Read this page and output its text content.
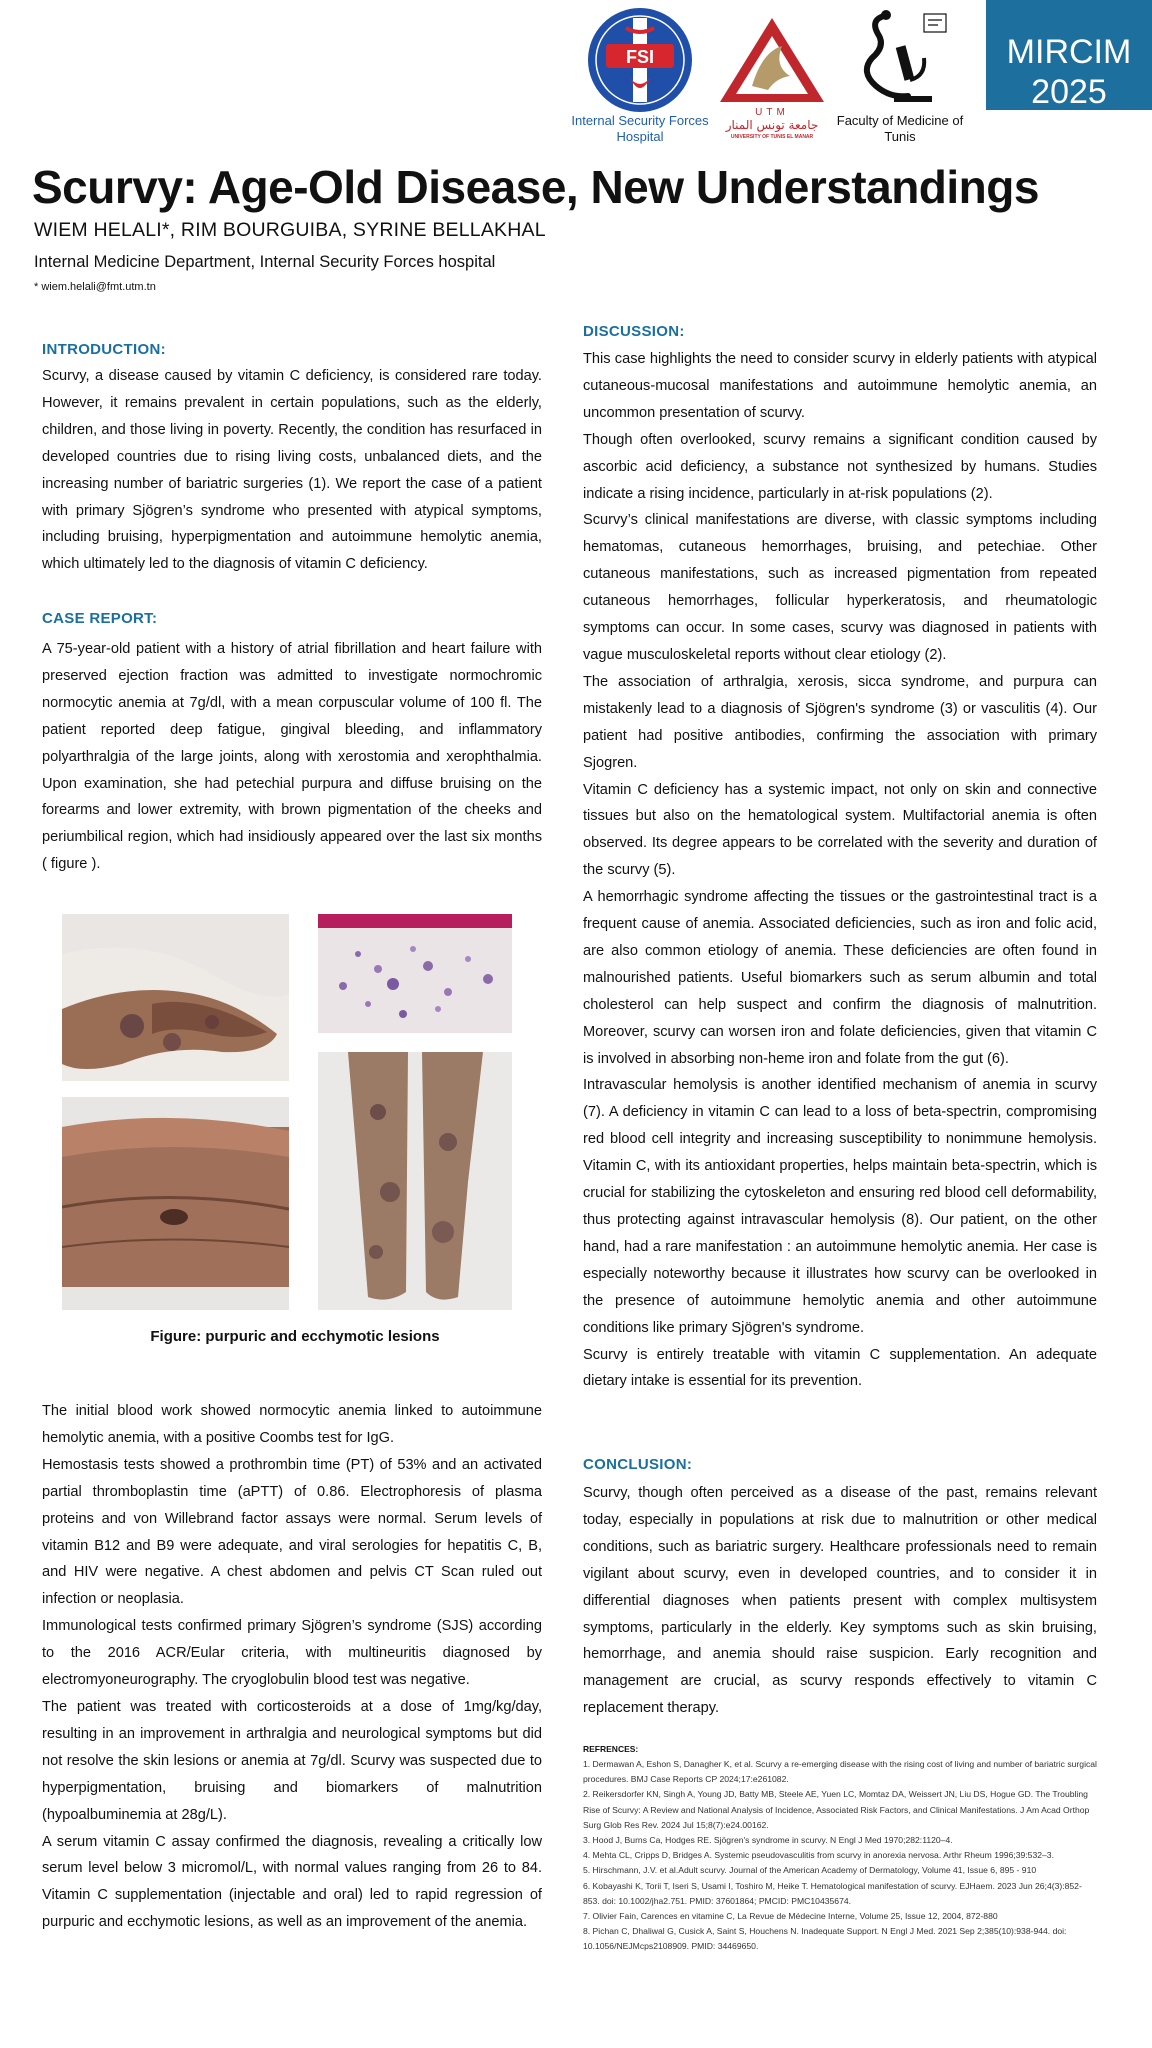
FSI
Internal Security Forces Hospital
UTM
جامعة تونس المنار
UNIVERSITY OF TUNIS EL MANAR
Faculty of Medicine of Tunis
MIRCIM
2025
Scurvy: Age-Old Disease, New Understandings
WIEM HELALI*, RIM BOURGUIBA, SYRINE BELLAKHAL
Internal Medicine Department, Internal Security Forces hospital
* wiem.helali@fmt.utm.tn
INTRODUCTION:

Scurvy, a disease caused by vitamin C deficiency, is considered rare today. However, it remains prevalent in certain populations, such as the elderly, children, and those living in poverty. Recently, the condition has resurfaced in developed countries due to rising living costs, unbalanced diets, and the increasing number of bariatric surgeries (1). We report the case of a patient with primary Sjögren’s syndrome who presented with atypical symptoms, including bruising, hyperpigmentation and autoimmune hemolytic anemia, which ultimately led to the diagnosis of vitamin C deficiency.

CASE REPORT:

A 75-year-old patient with a history of atrial fibrillation and heart failure with preserved ejection fraction was admitted to investigate normochromic normocytic anemia at 7g/dl, with a mean corpuscular volume of 100 fl. The patient reported deep fatigue, gingival bleeding, and inflammatory polyarthralgia of the large joints, along with xerostomia and xerophthalmia. Upon examination, she had petechial purpura and diffuse bruising on the forearms and lower extremity, with brown pigmentation of the cheeks and periumbilical region, which had insidiously appeared over the last six months ( figure ).

Figure: purpuric and ecchymotic lesions

The initial blood work showed normocytic anemia linked to autoimmune hemolytic anemia, with a positive Coombs test for IgG.

Hemostasis tests showed a prothrombin time (PT) of 53% and an activated partial thromboplastin time (aPTT) of 0.86. Electrophoresis of plasma proteins and von Willebrand factor assays were normal. Serum levels of vitamin B12 and B9 were adequate, and viral serologies for hepatitis C, B, and HIV were negative. A chest abdomen and pelvis CT Scan ruled out infection or neoplasia.

Immunological tests confirmed primary Sjögren’s syndrome (SJS) according to the 2016 ACR/Eular criteria, with multineuritis diagnosed by electromyoneurography. The cryoglobulin blood test was negative.

The patient was treated with corticosteroids at a dose of 1mg/kg/day, resulting in an improvement in arthralgia and neurological symptoms but did not resolve the skin lesions or anemia at 7g/dl. Scurvy was suspected due to hyperpigmentation, bruising and biomarkers of malnutrition (hypoalbuminemia at 28g/L).

A serum vitamin C assay confirmed the diagnosis, revealing a critically low serum level below 3 micromol/L, with normal values ranging from 26 to 84. Vitamin C supplementation (injectable and oral) led to rapid regression of purpuric and ecchymotic lesions, as well as an improvement of the anemia.

DISCUSSION:

This case highlights the need to consider scurvy in elderly patients with atypical cutaneous-mucosal manifestations and autoimmune hemolytic anemia, an uncommon presentation of scurvy.

Though often overlooked, scurvy remains a significant condition caused by ascorbic acid deficiency, a substance not synthesized by humans. Studies indicate a rising incidence, particularly in at-risk populations (2).

Scurvy’s clinical manifestations are diverse, with classic symptoms including hematomas, cutaneous hemorrhages, bruising, and petechiae. Other cutaneous manifestations, such as increased pigmentation from repeated cutaneous hemorrhages, follicular hyperkeratosis, and rheumatologic symptoms can occur. In some cases, scurvy was diagnosed in patients with vague musculoskeletal reports without clear etiology (2).

The association of arthralgia, xerosis, sicca syndrome, and purpura can mistakenly lead to a diagnosis of Sjögren's syndrome (3) or vasculitis (4). Our patient had positive antibodies, confirming the association with primary Sjogren.

Vitamin C deficiency has a systemic impact, not only on skin and connective tissues but also on the hematological system. Multifactorial anemia is often observed. Its degree appears to be correlated with the severity and duration of the scurvy (5).

A hemorrhagic syndrome affecting the tissues or the gastrointestinal tract is a frequent cause of anemia. Associated deficiencies, such as iron and folic acid, are also common etiology of anemia. These deficiencies are often found in malnourished patients. Useful biomarkers such as serum albumin and total cholesterol can help suspect and confirm the diagnosis of malnutrition. Moreover, scurvy can worsen iron and folate deficiencies, given that vitamin C is involved in absorbing non-heme iron and folate from the gut (6).

Intravascular hemolysis is another identified mechanism of anemia in scurvy (7). A deficiency in vitamin C can lead to a loss of beta-spectrin, compromising red blood cell integrity and increasing susceptibility to nonimmune hemolysis. Vitamin C, with its antioxidant properties, helps maintain beta-spectrin, which is crucial for stabilizing the cytoskeleton and ensuring red blood cell deformability, thus protecting against intravascular hemolysis (8). Our patient, on the other hand, had a rare manifestation : an autoimmune hemolytic anemia. Her case is especially noteworthy because it illustrates how scurvy can be overlooked in the presence of autoimmune hemolytic anemia and other autoimmune conditions like primary Sjögren's syndrome.

Scurvy is entirely treatable with vitamin C supplementation. An adequate dietary intake is essential for its prevention.

CONCLUSION:

Scurvy, though often perceived as a disease of the past, remains relevant today, especially in populations at risk due to malnutrition or other medical conditions, such as bariatric surgery. Healthcare professionals need to remain vigilant about scurvy, even in developed countries, and to consider it in differential diagnoses when patients present with complex multisystem symptoms, particularly in the elderly. Key symptoms such as skin bruising, hemorrhage, and anemia should raise suspicion. Early recognition and management are crucial, as scurvy responds effectively to vitamin C replacement therapy.

REFRENCES:
1. Dermawan A, Eshon S, Danagher K, et al. Scurvy a re-emerging disease with the rising cost of living and number of bariatric surgical procedures. BMJ Case Reports CP 2024;17:e261082.
2. Reikersdorfer KN, Singh A, Young JD, Batty MB, Steele AE, Yuen LC, Momtaz DA, Weissert JN, Liu DS, Hogue GD. The Troubling Rise of Scurvy: A Review and National Analysis of Incidence, Associated Risk Factors, and Clinical Manifestations. J Am Acad Orthop Surg Glob Res Rev. 2024 Jul 15;8(7):e24.00162.
3. Hood J, Burns Ca, Hodges RE. Sjögren's syndrome in scurvy. N Engl J Med 1970;282:1120–4.
4. Mehta CL, Cripps D, Bridges A. Systemic pseudovasculitis from scurvy in anorexia nervosa. Arthr Rheum 1996;39:532–3.
5. Hirschmann, J.V. et al.Adult scurvy. Journal of the American Academy of Dermatology, Volume 41, Issue 6, 895 - 910
6. Kobayashi K, Torii T, Iseri S, Usami I, Toshiro M, Heike T. Hematological manifestation of scurvy. EJHaem. 2023 Jun 26;4(3):852-853. doi: 10.1002/jha2.751. PMID: 37601864; PMCID: PMC10435674.
7. Olivier Fain, Carences en vitamine C, La Revue de Médecine Interne, Volume 25, Issue 12, 2004, 872-880
8. Pichan C, Dhaliwal G, Cusick A, Saint S, Houchens N. Inadequate Support. N Engl J Med. 2021 Sep 2;385(10):938-944. doi: 10.1056/NEJMcps2108909. PMID: 34469650.
